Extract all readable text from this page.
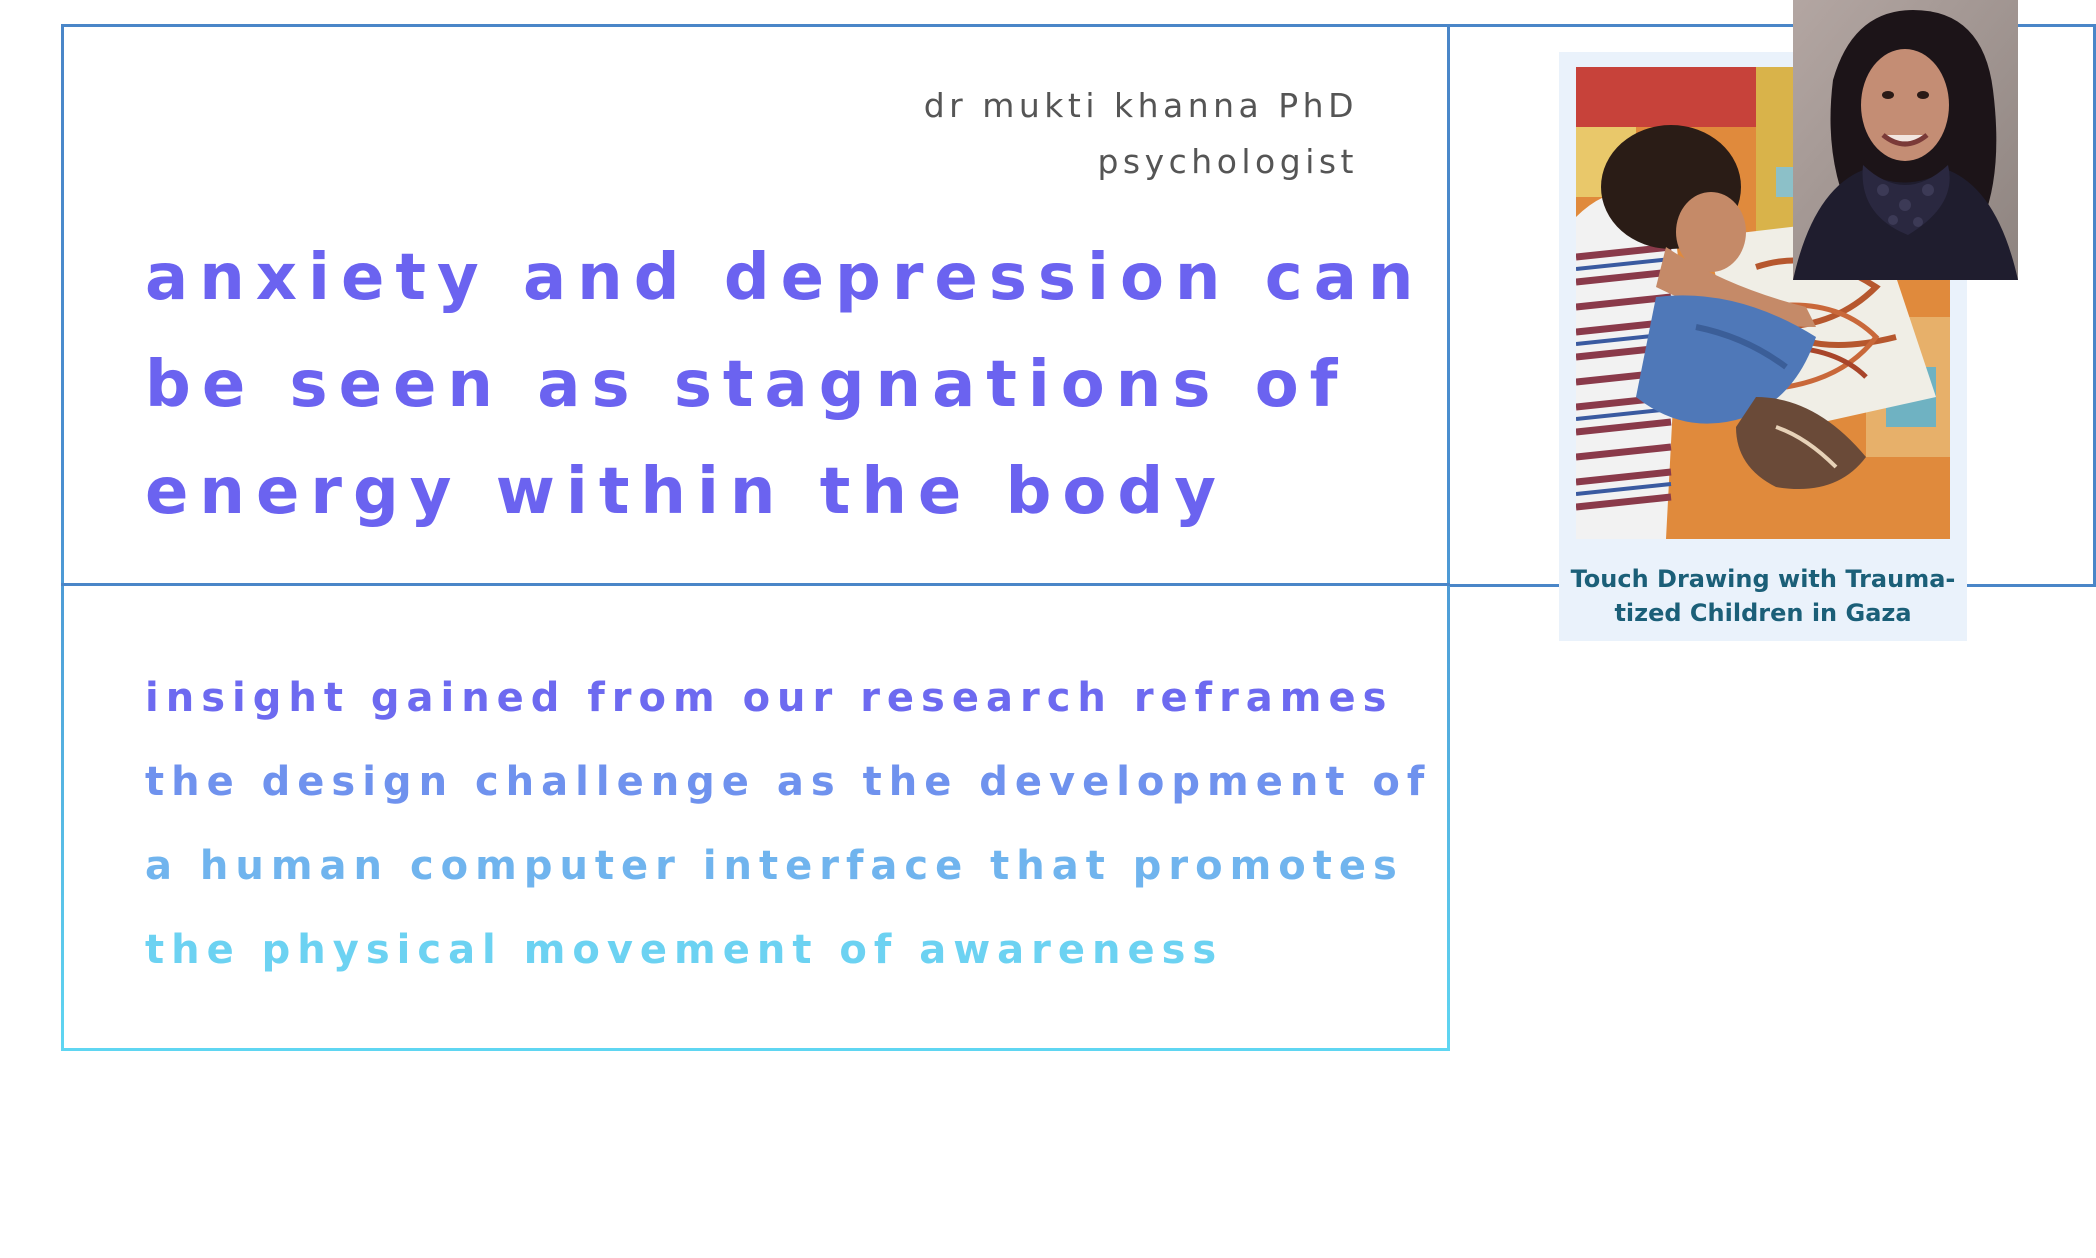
dr mukti khanna PhD
psychologist
anxiety and depression can
be seen as stagnations of
energy within the body
insight gained from our research reframes
the design challenge as the development of
a human computer interface that promotes
the physical movement of awareness
Touch Drawing with Trauma-
tized Children in Gaza
